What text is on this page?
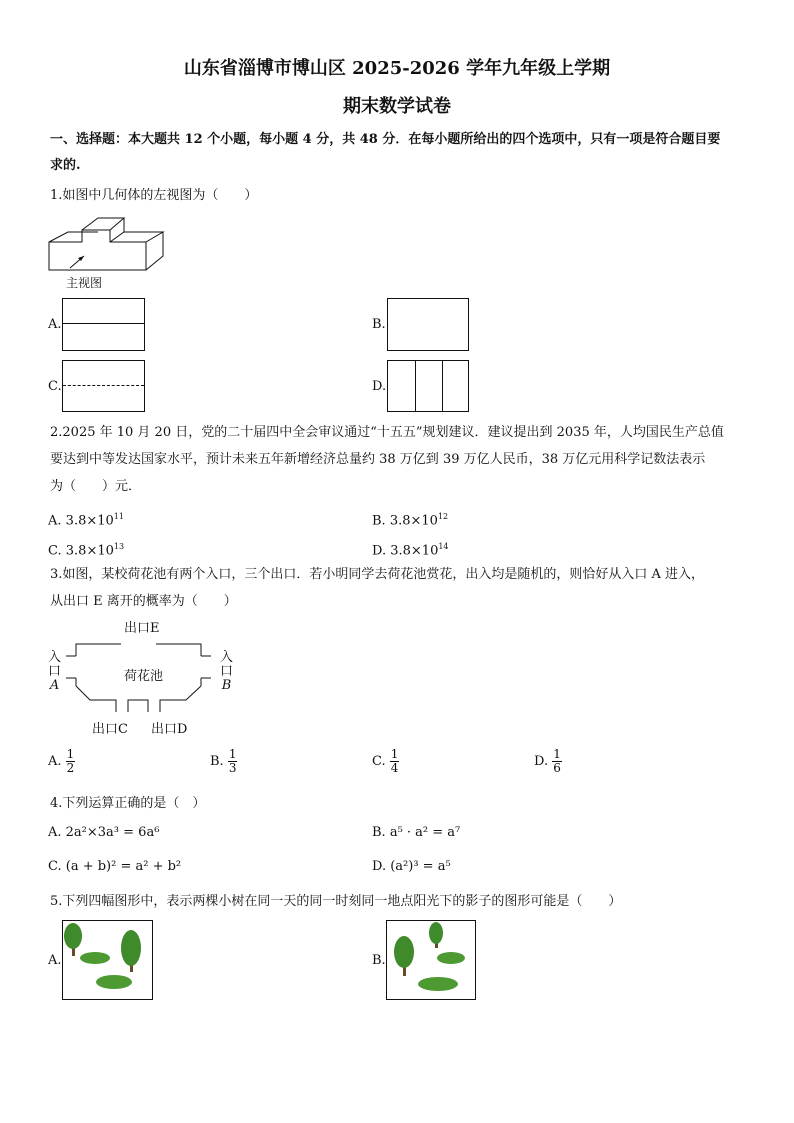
山东省淄博市博山区 2025-2026 学年九年级上学期
期末数学试卷
一、选择题：本大题共 12 个小题，每小题 4 分，共 48 分．在每小题所给出的四个选项中，只有一项是符合题目要
求的.
1.如图中几何体的左视图为（　　）
主视图
A.	B.
C.	D.
2.2025 年 10 月 20 日，党的二十届四中全会审议通过“十五五”规划建议．建议提出到 2035 年，人均国民生产总值
要达到中等发达国家水平，预计未来五年新增经济总量约 38 万亿到 39 万亿人民币，38 万亿元用科学记数法表示
为（　　）元．
A. $3.8\times 10^{11}$	B. $3.8\times 10^{12}$
C. $3.8\times 10^{13}$	D. $3.8\times 10^{14}$
3.如图，某校荷花池有两个入口，三个出口．若小明同学去荷花池赏花，出入均是随机的，则恰好从入口 A 进入，
从出口 E 离开的概率为（　　）
出口E
入
口
A
入
口
B
荷花池
出口C 出口D
A. $\frac{1}{2}$	B. $\frac{1}{3}$	C. $\frac{1}{4}$	D. $\frac{1}{6}$
4.下列运算正确的是（　）
A. 2a²×3a³ = 6a⁶	B. a⁵ · a² = a⁷
C. (a + b)² = a² + b²	D. (a²)³ = a⁵
5.下列四幅图形中，表示两棵小树在同一天的同一时刻同一地点阳光下的影子的图形可能是（　　）
A.	B.
